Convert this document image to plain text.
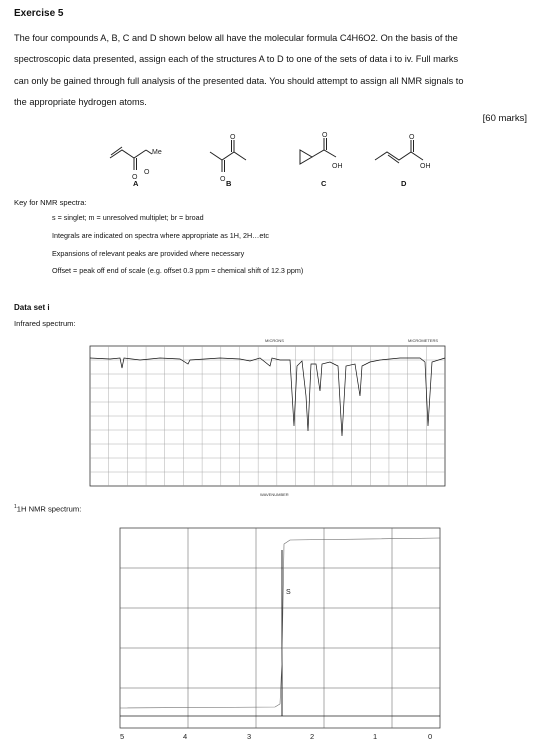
Exercise 5
The four compounds A, B, C and D shown below all have the molecular formula C4H6O2. On the basis of the
spectroscopic data presented, assign each of the structures A to D to one of the sets of data i to iv. Full marks
can only be gained through full analysis of the presented data. You should attempt to assign all NMR signals to
the appropriate hydrogen atoms.
[60 marks]
O
Me
O	O
O	O
OH
O
OH
A	B	C	D
Key for NMR spectra:
s = singlet; m = unresolved multiplet; br = broad
Integrals are indicated on spectra where appropriate as 1H, 2H…etc
Expansions of relevant peaks are provided where necessary
Offset = peak off end of scale (e.g. offset 0.3 ppm = chemical shift of 12.3 ppm)
Data set i
Infrared spectrum:
MICRONS	MICROMETERS
WAVENUMBER
$^1$1H NMR spectrum:
S
5	4	3	2	1	0
